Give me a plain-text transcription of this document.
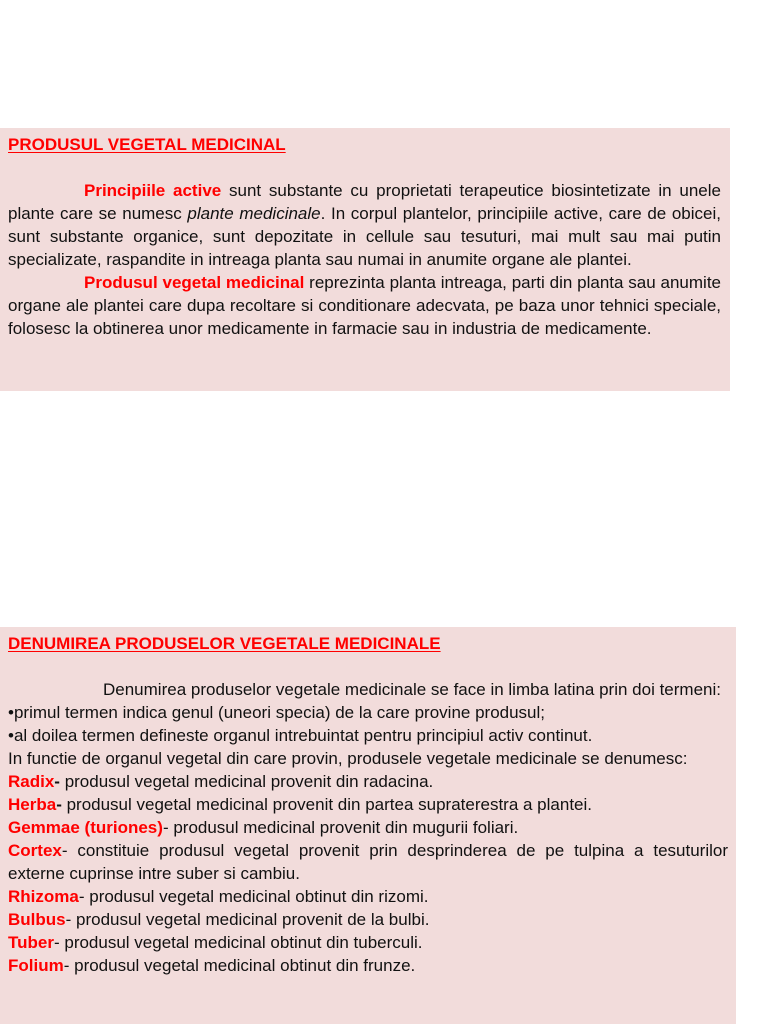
PRODUSUL VEGETAL MEDICINAL

Principiile active sunt substante cu proprietati terapeutice biosintetizate in unele plante care se numesc plante medicinale. In corpul plantelor, principiile active, care de obicei, sunt substante organice, sunt depozitate in cellule sau tesuturi, mai mult sau mai putin specializate, raspandite in intreaga planta sau numai in anumite organe ale plantei.

Produsul vegetal medicinal reprezinta planta intreaga, parti din planta sau anumite organe ale plantei care dupa recoltare si conditionare adecvata, pe baza unor tehnici speciale, folosesc la obtinerea unor medicamente in farmacie sau in industria de medicamente.

DENUMIREA PRODUSELOR VEGETALE MEDICINALE

Denumirea produselor vegetale medicinale se face in limba latina prin doi termeni:

•primul termen indica genul (uneori specia) de la care provine produsul;

•al doilea termen defineste organul intrebuintat pentru principiul activ continut.

In functie de organul vegetal din care provin, produsele vegetale medicinale se denumesc:

Radix- produsul vegetal medicinal provenit din radacina.

Herba- produsul vegetal medicinal provenit din partea supraterestra a plantei.

Gemmae (turiones)- produsul medicinal provenit din mugurii foliari.

Cortex- constituie produsul vegetal provenit prin desprinderea de pe tulpina a tesuturilor externe cuprinse intre suber si cambiu.

Rhizoma- produsul vegetal medicinal obtinut din rizomi.

Bulbus- produsul vegetal medicinal provenit de la bulbi.

Tuber- produsul vegetal medicinal obtinut din tuberculi.

Folium- produsul vegetal medicinal obtinut din frunze.
